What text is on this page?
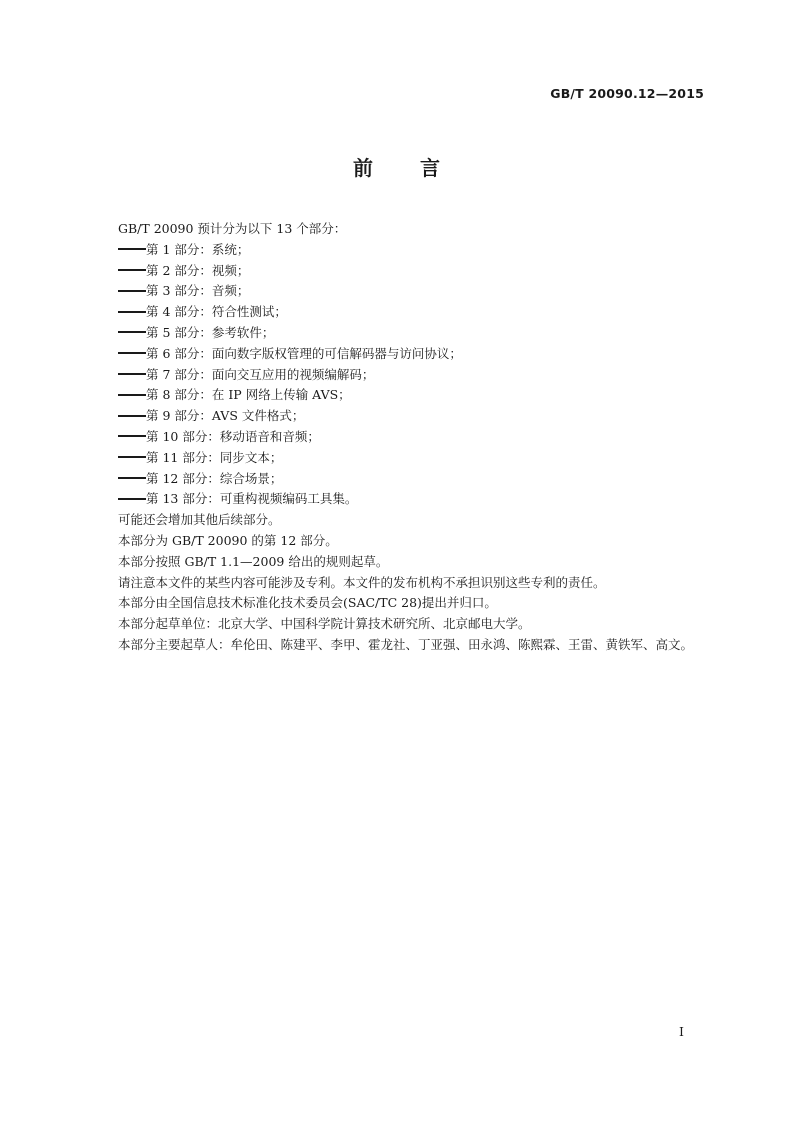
GB/T 20090.12—2015
前 言
GB/T 20090 预计分为以下 13 个部分：
第 1 部分：系统；
第 2 部分：视频；
第 3 部分：音频；
第 4 部分：符合性测试；
第 5 部分：参考软件；
第 6 部分：面向数字版权管理的可信解码器与访问协议；
第 7 部分：面向交互应用的视频编解码；
第 8 部分：在 IP 网络上传输 AVS；
第 9 部分：AVS 文件格式；
第 10 部分：移动语音和音频；
第 11 部分：同步文本；
第 12 部分：综合场景；
第 13 部分：可重构视频编码工具集。
可能还会增加其他后续部分。
本部分为 GB/T 20090 的第 12 部分。
本部分按照 GB/T 1.1—2009 给出的规则起草。
请注意本文件的某些内容可能涉及专利。本文件的发布机构不承担识别这些专利的责任。
本部分由全国信息技术标准化技术委员会(SAC/TC 28)提出并归口。
本部分起草单位：北京大学、中国科学院计算技术研究所、北京邮电大学。
本部分主要起草人：牟伦田、陈建平、李甲、霍龙社、丁亚强、田永鸿、陈熙霖、王雷、黄铁军、高文。
I
